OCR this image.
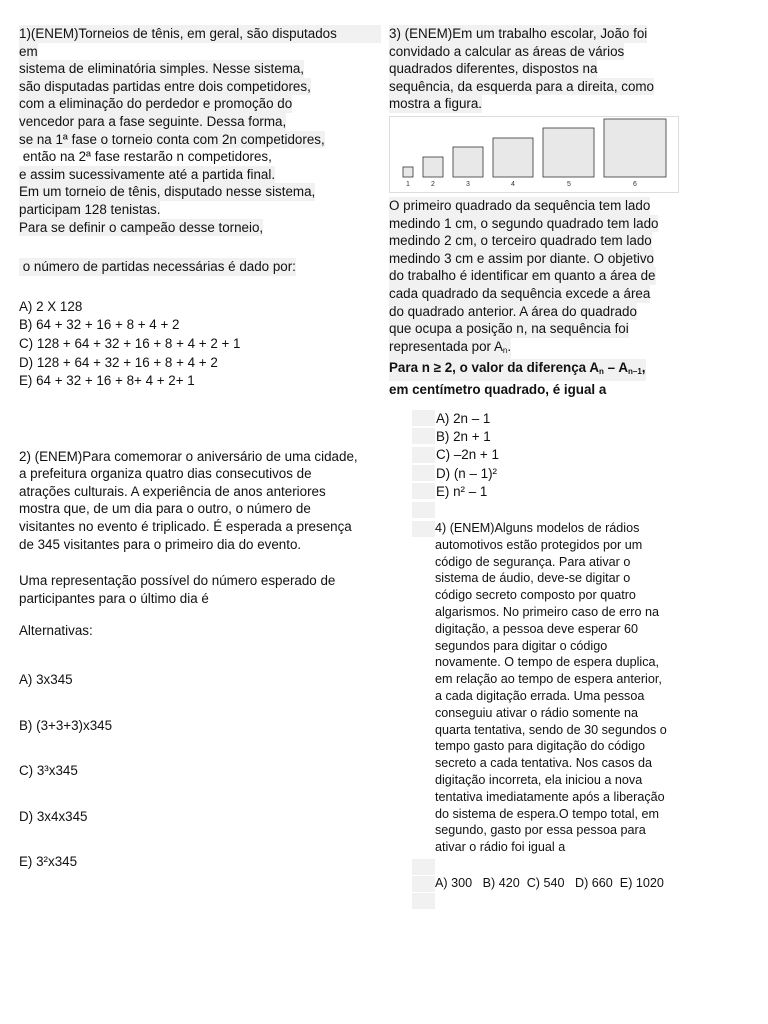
1)(ENEM)Torneios de tênis, em geral, são disputados
em
sistema de eliminatória simples. Nesse sistema,
são disputadas partidas entre dois competidores,
com a eliminação do perdedor e promoção do
vencedor para a fase seguinte. Dessa forma,
se na 1ª fase o torneio conta com 2n competidores,
então na 2ª fase restarão n competidores,
e assim sucessivamente até a partida final.
Em um torneio de tênis, disputado nesse sistema,
participam 128 tenistas.
Para se definir o campeão desse torneio,
o número de partidas necessárias é dado por:
A) 2 X 128
B) 64 + 32 + 16 + 8 + 4 + 2
C) 128 + 64 + 32 + 16 + 8 + 4 + 2 + 1
D) 128 + 64 + 32 + 16 + 8 + 4 + 2
E) 64 + 32 + 16 + 8+ 4 + 2+ 1
2) (ENEM)Para comemorar o aniversário de uma cidade,
a prefeitura organiza quatro dias consecutivos de
atrações culturais. A experiência de anos anteriores
mostra que, de um dia para o outro, o número de
visitantes no evento é triplicado. É esperada a presença
de 345 visitantes para o primeiro dia do evento.
Uma representação possível do número esperado de
participantes para o último dia é
Alternativas:
A) 3x345
B) (3+3+3)x345
C) 3³x345
D) 3x4x345
E) 3²x345
3) (ENEM)Em um trabalho escolar, João foi
convidado a calcular as áreas de vários
quadrados diferentes, dispostos na
sequência, da esquerda para a direita, como
mostra a figura.
1	2	3	4	5	6
O primeiro quadrado da sequência tem lado
medindo 1 cm, o segundo quadrado tem lado
medindo 2 cm, o terceiro quadrado tem lado
medindo 3 cm e assim por diante. O objetivo
do trabalho é identificar em quanto a área de
cada quadrado da sequência excede a área
do quadrado anterior. A área do quadrado
que ocupa a posição n, na sequência foi
representada por $A_n$.
Para n ≥ 2, o valor da diferença $A_n - A_{n-1}$,
em centímetro quadrado, é igual a
A) 2n – 1
B) 2n + 1
C) –2n + 1
D) (n – 1)²
E) n² – 1
4) (ENEM)Alguns modelos de rádios
automotivos estão protegidos por um
código de segurança. Para ativar o
sistema de áudio, deve-se digitar o
código secreto composto por quatro
algarismos. No primeiro caso de erro na
digitação, a pessoa deve esperar 60
segundos para digitar o código
novamente. O tempo de espera duplica,
em relação ao tempo de espera anterior,
a cada digitação errada. Uma pessoa
conseguiu ativar o rádio somente na
quarta tentativa, sendo de 30 segundos o
tempo gasto para digitação do código
secreto a cada tentativa. Nos casos da
digitação incorreta, ela iniciou a nova
tentativa imediatamente após a liberação
do sistema de espera.O tempo total, em
segundo, gasto por essa pessoa para
ativar o rádio foi igual a
A) 300   B) 420  C) 540   D) 660  E) 1020
